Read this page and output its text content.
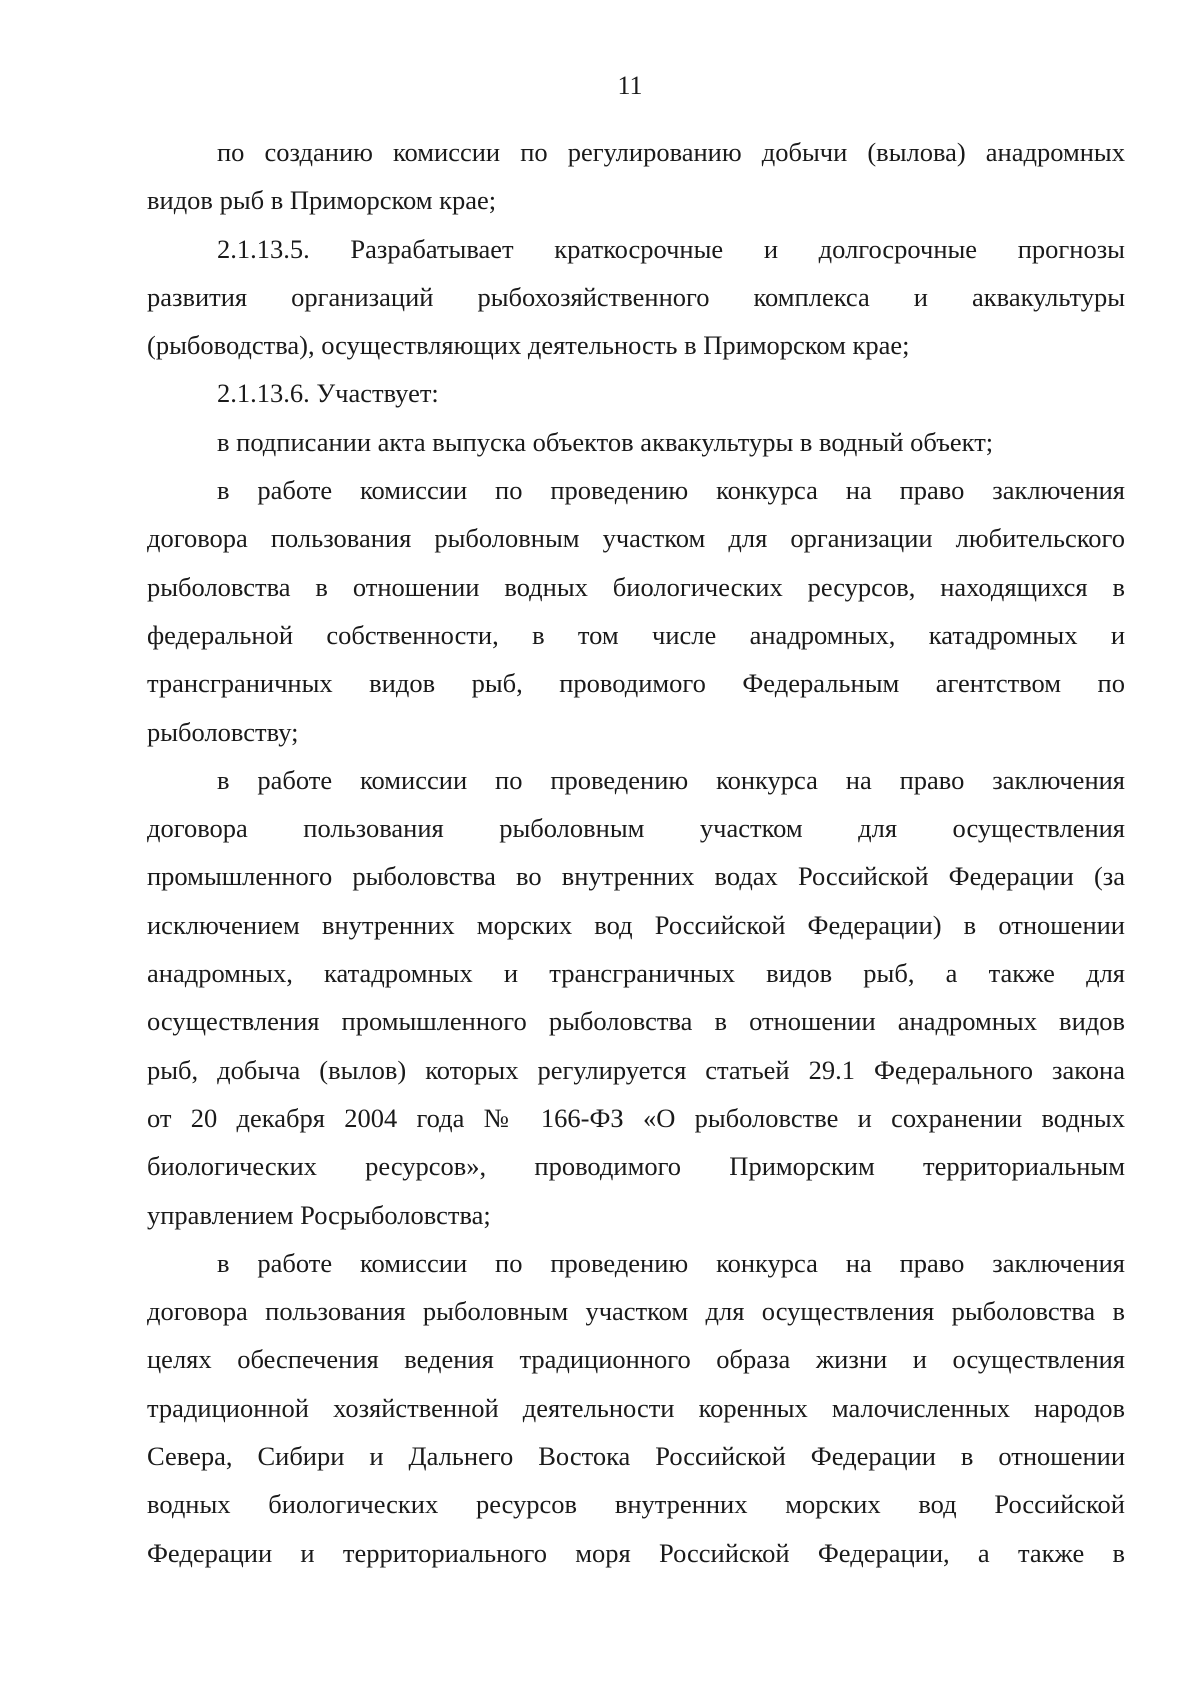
11

по созданию комиссии по регулированию добычи (вылова) анадромных
видов рыб в Приморском крае;

2.1.13.5. Разрабатывает краткосрочные и долгосрочные прогнозы
развития организаций рыбохозяйственного комплекса и аквакультуры
(рыбоводства), осуществляющих деятельность в Приморском крае;

2.1.13.6. Участвует:

в подписании акта выпуска объектов аквакультуры в водный объект;

в работе комиссии по проведению конкурса на право заключения
договора пользования рыболовным участком для организации любительского
рыболовства в отношении водных биологических ресурсов, находящихся в
федеральной собственности, в том числе анадромных, катадромных и
трансграничных видов рыб, проводимого Федеральным агентством по
рыболовству;

в работе комиссии по проведению конкурса на право заключения
договора пользования рыболовным участком для осуществления
промышленного рыболовства во внутренних водах Российской Федерации (за
исключением внутренних морских вод Российской Федерации) в отношении
анадромных, катадромных и трансграничных видов рыб, а также для
осуществления промышленного рыболовства в отношении анадромных видов
рыб, добыча (вылов) которых регулируется статьей 29.1 Федерального закона
от 20 декабря 2004 года № 166-ФЗ «О рыболовстве и сохранении водных
биологических ресурсов», проводимого Приморским территориальным
управлением Росрыболовства;

в работе комиссии по проведению конкурса на право заключения
договора пользования рыболовным участком для осуществления рыболовства в
целях обеспечения ведения традиционного образа жизни и осуществления
традиционной хозяйственной деятельности коренных малочисленных народов
Севера, Сибири и Дальнего Востока Российской Федерации в отношении
водных биологических ресурсов внутренних морских вод Российской
Федерации и территориального моря Российской Федерации, а также в
